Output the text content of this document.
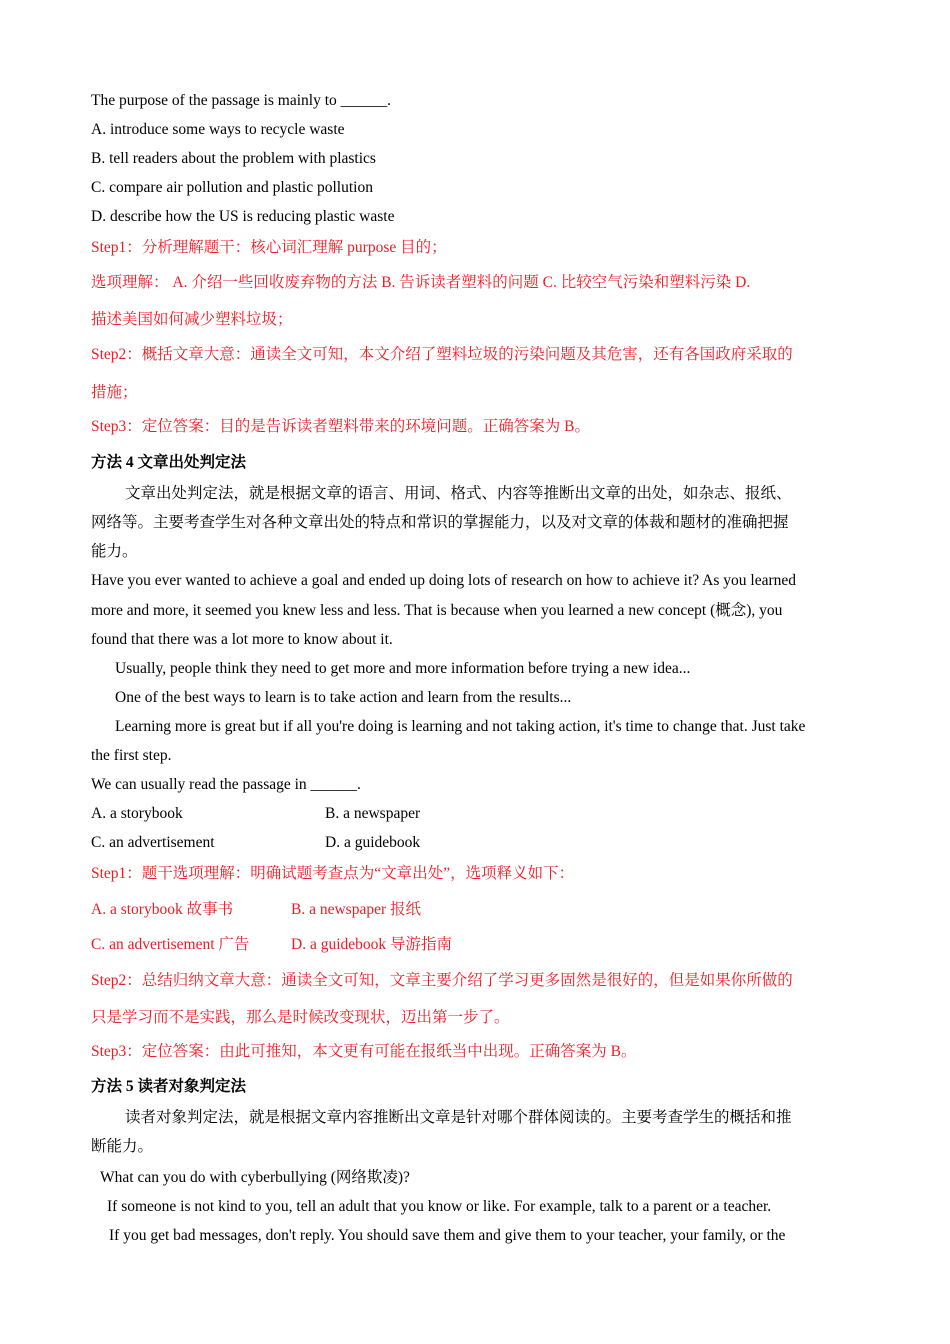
The purpose of the passage is mainly to ______.
A. introduce some ways to recycle waste
B. tell readers about the problem with plastics
C. compare air pollution and plastic pollution
D. describe how the US is reducing plastic waste
Step1：分析理解题干：核心词汇理解 purpose 目的；
选项理解： A. 介绍一些回收废弃物的方法 B. 告诉读者塑料的问题 C. 比较空气污染和塑料污染 D.
描述美国如何减少塑料垃圾；
Step2：概括文章大意：通读全文可知，本文介绍了塑料垃圾的污染问题及其危害，还有各国政府采取的
措施；
Step3：定位答案：目的是告诉读者塑料带来的环境问题。正确答案为 B。
方法 4 文章出处判定法
文章出处判定法，就是根据文章的语言、用词、格式、内容等推断出文章的出处，如杂志、报纸、
网络等。主要考查学生对各种文章出处的特点和常识的掌握能力，以及对文章的体裁和题材的准确把握
能力。
Have you ever wanted to achieve a goal and ended up doing lots of research on how to achieve it? As you learned
more and more, it seemed you knew less and less. That is because when you learned a new concept (概念), you
found that there was a lot more to know about it.
Usually, people think they need to get more and more information before trying a new idea...
One of the best ways to learn is to take action and learn from the results...
Learning more is great but if all you're doing is learning and not taking action, it's time to change that. Just take
the first step.
We can usually read the passage in ______.
A. a storybook	B. a newspaper
C. an advertisement	D. a guidebook
Step1：题干选项理解：明确试题考查点为“文章出处”，选项释义如下：
A. a storybook 故事书	B. a newspaper 报纸
C. an advertisement 广告	D. a guidebook 导游指南
Step2：总结归纳文章大意：通读全文可知，文章主要介绍了学习更多固然是很好的，但是如果你所做的
只是学习而不是实践，那么是时候改变现状，迈出第一步了。
Step3：定位答案：由此可推知，本文更有可能在报纸当中出现。正确答案为 B。
方法 5 读者对象判定法
读者对象判定法，就是根据文章内容推断出文章是针对哪个群体阅读的。主要考查学生的概括和推
断能力。
What can you do with cyberbullying (网络欺凌)?
If someone is not kind to you, tell an adult that you know or like. For example, talk to a parent or a teacher.
If you get bad messages, don't reply. You should save them and give them to your teacher, your family, or the
